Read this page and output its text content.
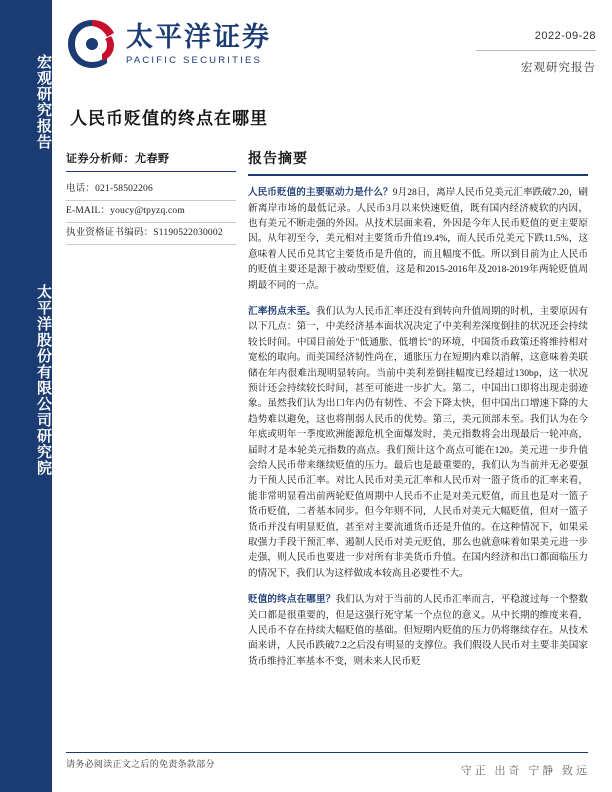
宏观研究报告
太平洋股份有限公司研究院
太平洋证券
PACIFIC SECURITIES
2022-09-28
宏观研究报告
人民币贬值的终点在哪里
证券分析师：尤春野
电话：021-58502206
E-MAIL：youcy@tpyzq.com
执业资格证书编码：S1190522030002
报告摘要

人民币贬值的主要驱动力是什么？9月28日，离岸人民币兑美元汇率跌破7.20，刷新离岸市场的最低记录。人民币3月以来快速贬值，既有国内经济疲软的内因，也有美元不断走强的外因。从技术层面来看，外因是今年人民币贬值的更主要原因。从年初至今，美元相对主要货币升值19.4%，而人民币兑美元下跌11.5%，这意味着人民币兑其它主要货币是升值的，而且幅度不低。所以到目前为止人民币的贬值主要还是源于被动型贬值，这是和2015-2016年及2018-2019年两轮贬值周期最不同的一点。

汇率拐点未至。我们认为人民币汇率还没有到转向升值周期的时机，主要原因有以下几点：第一，中美经济基本面状况决定了中美利差深度倒挂的状况还会持续较长时间。中国目前处于"低通胀、低增长"的环境，中国货币政策还将维持相对宽松的取向。而美国经济韧性尚在，通胀压力在短期内难以消解，这意味着美联储在年内很难出现明显转向。当前中美利差倒挂幅度已经超过130bp，这一状况预计还会持续较长时间，甚至可能进一步扩大。第二，中国出口即将出现走弱迹象。虽然我们认为出口年内仍有韧性、不会下降太快，但中国出口增速下降的大趋势难以避免，这也将削弱人民币的优势。第三，美元顶部未至。我们认为在今年底或明年一季度欧洲能源危机全面爆发时，美元指数将会出现最后一轮冲高，届时才是本轮美元指数的高点。我们预计这个高点可能在120。美元进一步升值会给人民币带来继续贬值的压力。最后也是最重要的，我们认为当前并无必要强力干预人民币汇率。对比人民币对美元汇率和人民币对一篮子货币的汇率来看，能非常明显看出前两轮贬值周期中人民币不止是对美元贬值，而且也是对一篮子货币贬值，二者基本同步。但今年则不同，人民币对美元大幅贬值，但对一篮子货币并没有明显贬值，甚至对主要流通货币还是升值的。在这种情况下，如果采取强力手段干预汇率、遏制人民币对美元贬值，那么也就意味着如果美元进一步走强，则人民币也要进一步对所有非美货币升值。在国内经济和出口都面临压力的情况下，我们认为这样做成本较高且必要性不大。

贬值的终点在哪里？我们认为对于当前的人民币汇率而言，平稳渡过每一个整数关口都是很重要的，但是这强行死守某一个点位的意义。从中长期的维度来看，人民币不存在持续大幅贬值的基础。但短期内贬值的压力仍将继续存在。从技术面来讲，人民币跌破7.2之后没有明显的支撑位。我们假设人民币对主要非美国家货币维持汇率基本不变，则未来人民币贬

请务必阅读正文之后的免责条款部分
守正 出奇 宁静 致远
